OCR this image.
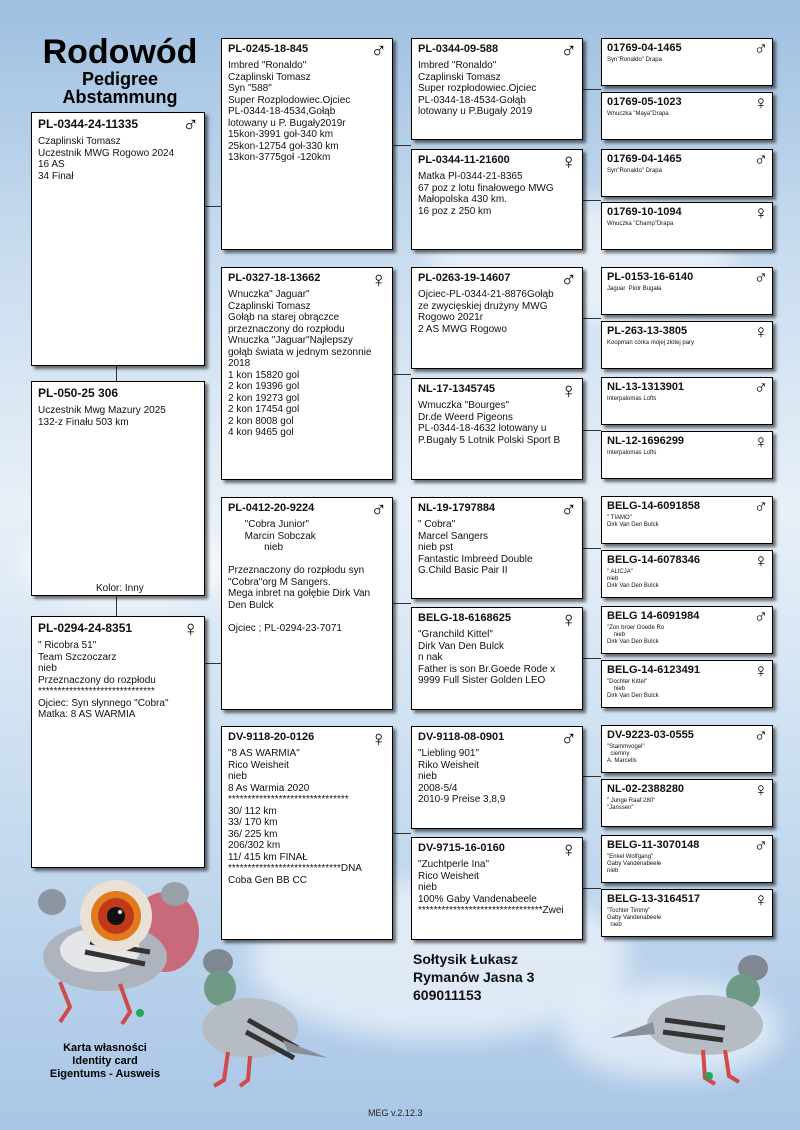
Rodowód
Pedigree
Abstammung
PL-0344-24-11335	♂
Czaplinski Tomasz
Uczestnik MWG Rogowo 2024
16 AS
34 Finał
PL-050-25 306
Uczestnik Mwg Mazury 2025
132-z Finału 503 km
Kolor: Inny
PL-0294-24-8351	♀
" Ricobra 51"
Team Szczoczarz
nieb
Przeznaczony do rozpłodu
******************************
Ojciec: Syn słynnego "Cobra"
Matka: 8 AS WARMIA
PL-0245-18-845	♂
Imbred "Ronaldo"
Czaplinski Tomasz
Syn "588"
Super Rozplodowiec.Ojciec
PL-0344-18-4534,Gołąb
lotowany u P. Bugały2019r
15kon-3991 goł-340 km
25kon-12754 goł-330 km
13kon-3775goł -120km
PL-0327-18-13662	♀
Wnuczka" Jaguar"
Czaplinski Tomasz
Gołąb na starej obrączce
przeznaczony do rozpłodu
Wnuczka "Jaguar"Najlepszy
gołąb świata w jednym sezonnie
2018
1 kon 15820 gol
2 kon 19396 gol
2 kon 19273 gol
2 kon 17454 gol
2 kon 8008 gol
4 kon 9465 gol
PL-0412-20-9224	♂
"Cobra Junior"
Marcin Sobczak
nieb

Przeznaczony do rozpłodu syn
"Cobra"org M Sangers.
Mega inbret na gołębie Dirk Van
Den Bulck

Ojciec ; PL-0294-23-7071
DV-9118-20-0126	♀
"8 AS WARMIA"
Rico Weisheit
nieb
8 As Warmia 2020
*******************************
30/ 112 km
33/ 170 km
36/ 225 km
206/302 km
11/ 415 km FINAŁ
*****************************DNA
Coba Gen BB CC
PL-0344-09-588	♂
Imbred "Ronaldo"
Czaplinski Tomasz
Super rozpłodowiec.Ojciec
PL-0344-18-4534-Gołąb
lotowany u P.Bugały 2019
PL-0344-11-21600	♀
Matka Pl-0344-21-8365
67 poz z lotu finałowego MWG
Małopolska 430 km.
16 poz z 250 km
PL-0263-19-14607	♂
Ojciec-PL-0344-21-8876Gołąb
ze zwycięskiej drużyny MWG
Rogowo 2021r
2 AS MWG Rogowo
NL-17-1345745	♀
Wmuczka "Bourges"
Dr.de Weerd Pigeons
PL-0344-18-4632 lotowany u
P.Bugały 5 Lotnik Polski Sport B
NL-19-1797884	♂
" Cobra"
Marcel Sangers
nieb pst
Fantastic Imbreed Double
G.Child Basic Pair II
BELG-18-6168625	♀
"Granchild Kittel"
Dirk Van Den Bulck
n nak
Father is son Br.Goede Rode x
9999 Full Sister Golden LEO
DV-9118-08-0901	♂
"Liebling 901"
Riko Weisheit
nieb
2008-5/4
2010-9 Preise 3,8,9
DV-9715-16-0160	♀
"Zuchtperle Ina"
Rico Weisheit
nieb
100% Gaby Vandenabeele
********************************Zwei
01769-04-1465	♂
Syn"Ronaldo" Drapa
01769-05-1023	♀
Wnuczka "Maya"Drapa
01769-04-1465	♂
Syn"Ronaldo" Drapa
01769-10-1094	♀
Wnuczka "Champ"Drapa
PL-0153-16-6140	♂
Jaguar  Piotr Bugała
PL-263-13-3805	♀
Koopman córka mojej złotej pary
NL-13-1313901	♂
Interpalomas Lofts
NL-12-1696299	♀
Interpalomas Lofts
BELG-14-6091858	♂
" TIAMO"
Dirk Van Den Bulck
BELG-14-6078346	♀
" ALICJA"
nieb
Dirk Van Den Bulck
BELG 14-6091984	♂
"Zon broer Goede Ro
nieb
Dirk Van Den Bulck
BELG-14-6123491	♀
"Dochter Kittel"
nieb
Dirk Van Den Bulck
DV-9223-03-0555	♂
"Stammvogel"
ciemny
A. Marcelis
NL-02-2388280	♀
" Junge Raaf 280"
"Janssen"
BELG-11-3070148	♂
"Enkel Wolfgang"
Gaby Vandenabeele
nieb
BELG-13-3164517	♀
"Tochter Timmy"
Gaby Vandenabeele
nieb
Sołtysik Łukasz
Rymanów Jasna 3
609011153
Karta własności
Identity card
Eigentums - Ausweis
MEG v.2.12.3
